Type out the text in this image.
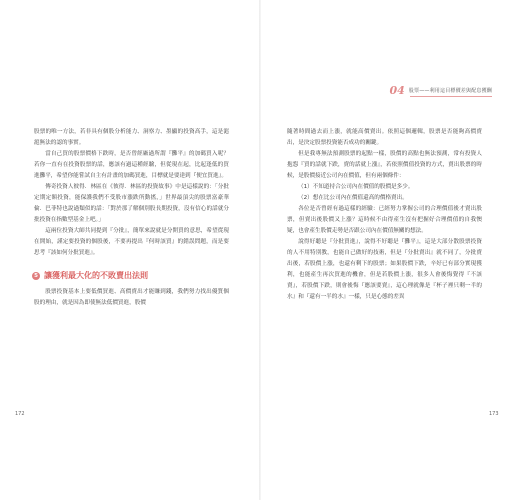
04 股票——利用這目標價差與配息獲酬

股票的唯一方法，若非具有個股分析能力、洞察力、墨顯的投資高手，這是滬滬無法的認的事實。

當自己買的股票價格下跌時，是否曾經廠過所謂『攤平』的加碼買入呢？若你一直有在投資股票的話，應該有過這種經驗，但從現在起，比起逢低的買進攤平，希望你能嘗試自主有計畫的加碼買進，目標就是要達到『便宜買進』。

傳奇投資人彼得．林區在《彼得．林區的投資故事》中是這樣說的：「分批定期定額投資，能保護我們不受股市漲跌所動搖，」世界最頂尖的股票富豪華倫．巴菲特也說過類似的話：「對於那了解個別股長期投資，沒有信心的話就分批投資在指數型基金上吧。」

這兩位投資大師共同提到『分批』，簡單來說就是分開買的意思，希望從現在開始，謹定要投資的個股後，不要再提出『何時該買』的錯誤問題，而是要思考『該如何分批買進』。

5 讓獲利最大化的不敗賣出法則

股票投資基本上要低價買進、高價賣出才能賺到錢，我們努力找出優質個股的理由，就是因為即使無法低價買進，股價

172

隨著時間過去而上漲，就能高價賣出。依照這個邏輯，股票是否能夠高價賣出，是決定股票投資能否成功的關鍵。

但是我專無法預測股票的起點一樣，股價的高點也無法預測，常有投資人抱怨『買的話就下跌，賣的話就上漲』，若依照價值投資的方式，賣出股票的時候，是股價接近公司內在價值，但有兩個條件：

（1）不知道持合公司內在價值的股價是多少。

（2）想在比公司內在價值還高的價格賣出。

各位是否曾經有過這樣的經驗：已經努力掌握公司的合理價值後才賣出股票，但賣出後股價又上漲？這時候不由得產生沒有把握好合理價值的自我懊疑，也會產生股價走勢是否跟公司內在價值無關的想法。

說得好聽是『分批買進』，說得不好聽是『攤平』，這是大部分散股票投資的人不用特別教，也能自己做好的技術，但是『分批賣出』就不同了，分批賣出後，若股價上漲，也還有剩下的股票；如果股價下跌，辛好已有部分實現獲利，也能產生再次買進的機會，但是若股價上漲，很多人會後悔覺得『不該賣』，若股價下跌，則會後悔『應該要賣』，這心理就像是『杯子裡只剩一半的水』和『還有一半的水』一樣，只是心態的差異

173
